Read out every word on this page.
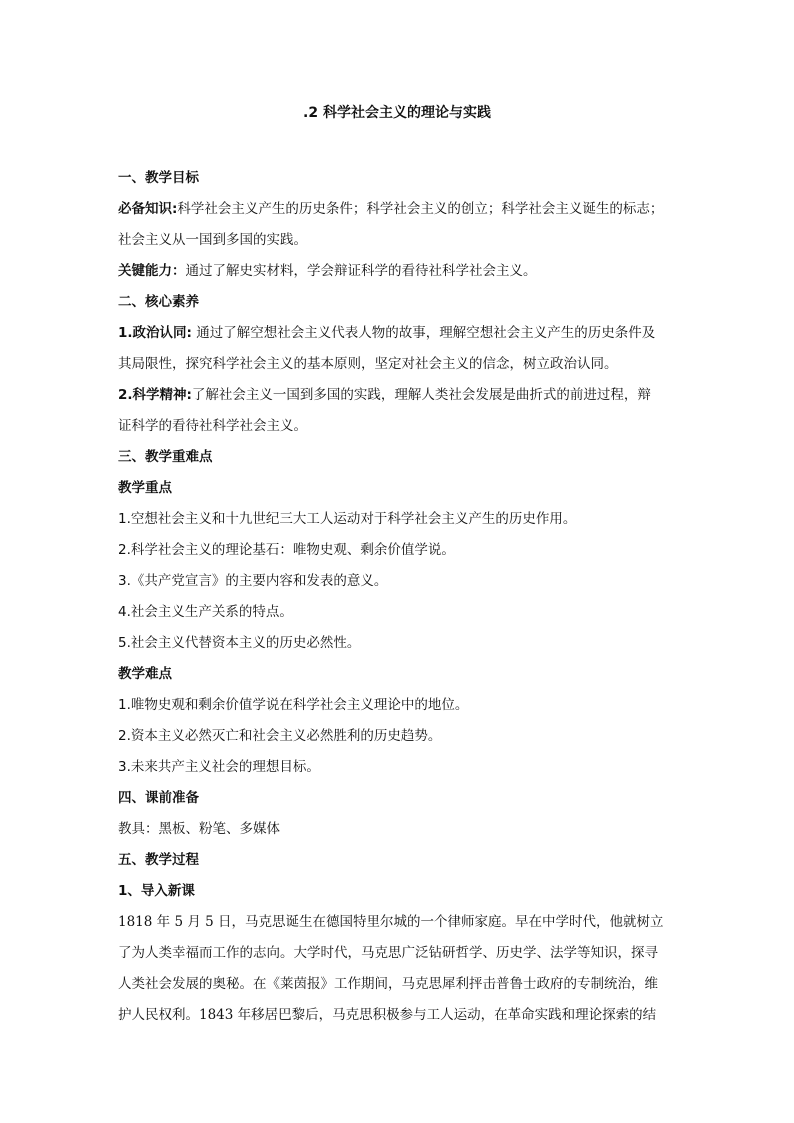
.2 科学社会主义的理论与实践
一、教学目标
必备知识:科学社会主义产生的历史条件；科学社会主义的创立；科学社会主义诞生的标志；
社会主义从一国到多国的实践。
关键能力：通过了解史实材料，学会辩证科学的看待社科学社会主义。
二、核心素养
1.政治认同: 通过了解空想社会主义代表人物的故事，理解空想社会主义产生的历史条件及
其局限性，探究科学社会主义的基本原则，坚定对社会主义的信念，树立政治认同。
2.科学精神:了解社会主义一国到多国的实践，理解人类社会发展是曲折式的前进过程，辩
证科学的看待社科学社会主义。
三、教学重难点
教学重点
1.空想社会主义和十九世纪三大工人运动对于科学社会主义产生的历史作用。
2.科学社会主义的理论基石：唯物史观、剩余价值学说。
3.《共产党宣言》的主要内容和发表的意义。
4.社会主义生产关系的特点。
5.社会主义代替资本主义的历史必然性。
教学难点
1.唯物史观和剩余价值学说在科学社会主义理论中的地位。
2.资本主义必然灭亡和社会主义必然胜利的历史趋势。
3.未来共产主义社会的理想目标。
四、课前准备
教具：黑板、粉笔、多媒体
五、教学过程
1、导入新课
1818 年 5 月 5 日，马克思诞生在德国特里尔城的一个律师家庭。早在中学时代，他就树立
了为人类幸福而工作的志向。大学时代，马克思广泛钻研哲学、历史学、法学等知识，探寻
人类社会发展的奥秘。在《莱茵报》工作期间，马克思犀利抨击普鲁士政府的专制统治，维
护人民权利。1843 年移居巴黎后，马克思积极参与工人运动，在革命实践和理论探索的结
